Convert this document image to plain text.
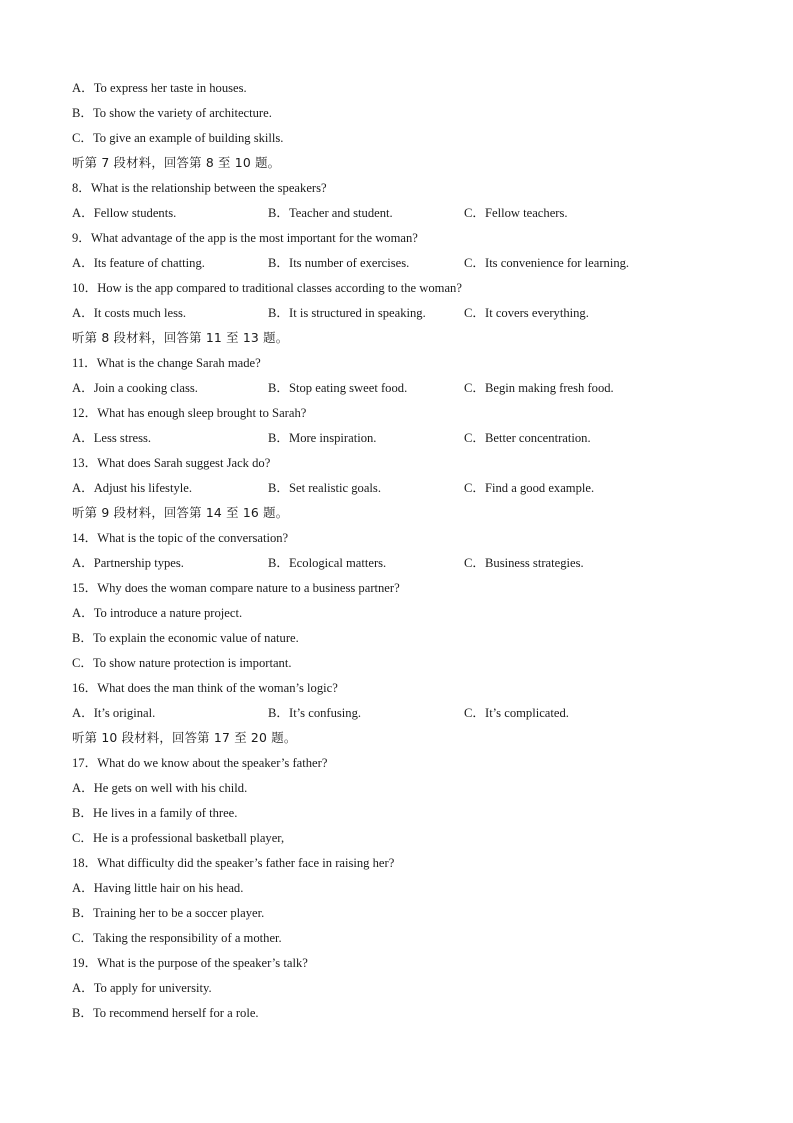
A．To express her taste in houses.
B．To show the variety of architecture.
C．To give an example of building skills.
听第 7 段材料，回答第 8 至 10 题。
8．What is the relationship between the speakers?
A．Fellow students.	B．Teacher and student.	C．Fellow teachers.
9．What advantage of the app is the most important for the woman?
A．Its feature of chatting.	B．Its number of exercises.	C．Its convenience for learning.
10．How is the app compared to traditional classes according to the woman?
A．It costs much less.	B．It is structured in speaking.	C．It covers everything.
听第 8 段材料，回答第 11 至 13 题。
11．What is the change Sarah made?
A．Join a cooking class.	B．Stop eating sweet food.	C．Begin making fresh food.
12．What has enough sleep brought to Sarah?
A．Less stress.	B．More inspiration.	C．Better concentration.
13．What does Sarah suggest Jack do?
A．Adjust his lifestyle.	B．Set realistic goals.	C．Find a good example.
听第 9 段材料，回答第 14 至 16 题。
14．What is the topic of the conversation?
A．Partnership types.	B．Ecological matters.	C．Business strategies.
15．Why does the woman compare nature to a business partner?
A．To introduce a nature project.
B．To explain the economic value of nature.
C．To show nature protection is important.
16．What does the man think of the woman’s logic?
A．It’s original.	B．It’s confusing.	C．It’s complicated.
听第 10 段材料，回答第 17 至 20 题。
17．What do we know about the speaker’s father?
A．He gets on well with his child.
B．He lives in a family of three.
C．He is a professional basketball player,
18．What difficulty did the speaker’s father face in raising her?
A．Having little hair on his head.
B．Training her to be a soccer player.
C．Taking the responsibility of a mother.
19．What is the purpose of the speaker’s talk?
A．To apply for university.
B．To recommend herself for a role.
